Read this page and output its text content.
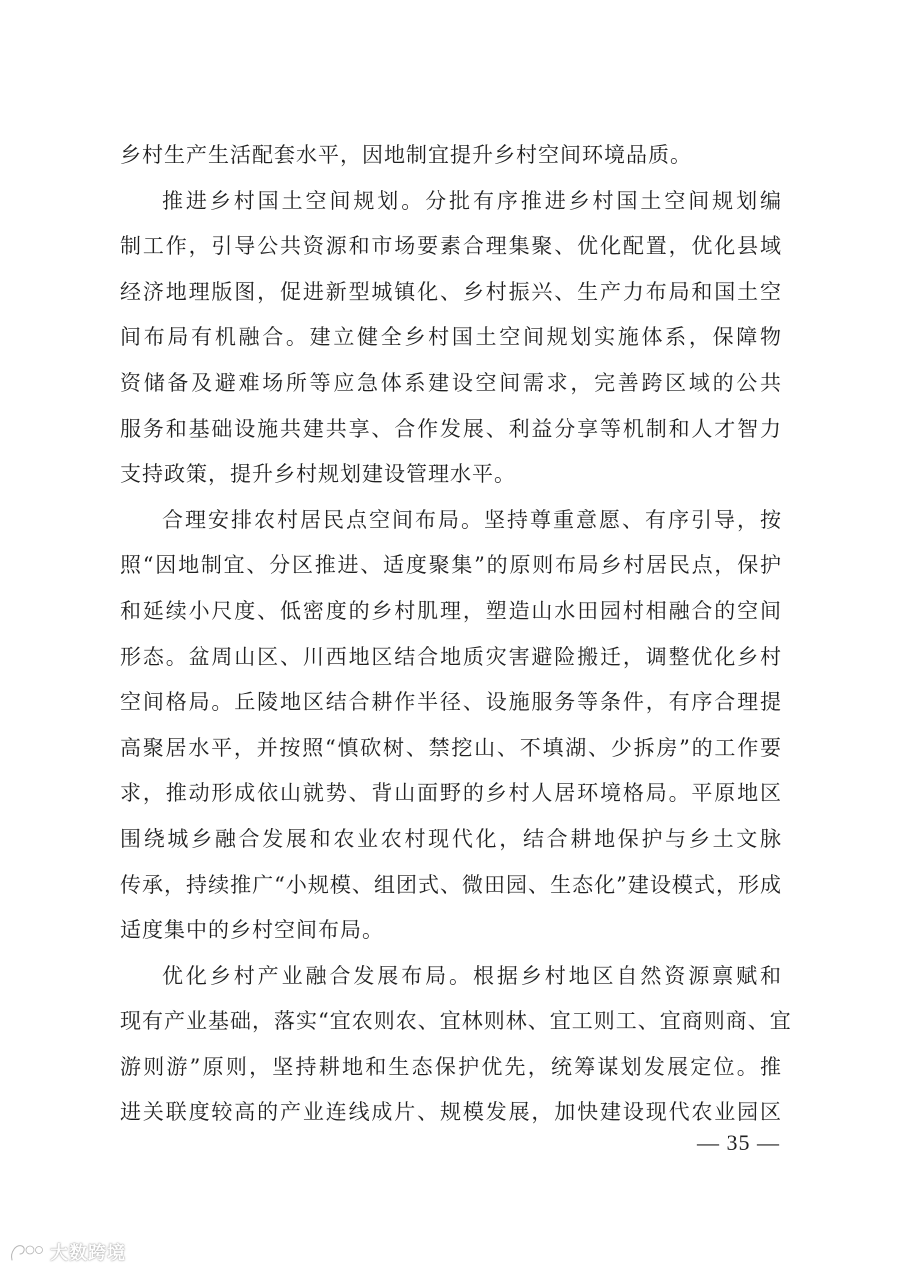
乡村生产生活配套水平，因地制宜提升乡村空间环境品质。
推进乡村国土空间规划。分批有序推进乡村国土空间规划编
制工作，引导公共资源和市场要素合理集聚、优化配置，优化县域
经济地理版图，促进新型城镇化、乡村振兴、生产力布局和国土空
间布局有机融合。建立健全乡村国土空间规划实施体系，保障物
资储备及避难场所等应急体系建设空间需求，完善跨区域的公共
服务和基础设施共建共享、合作发展、利益分享等机制和人才智力
支持政策，提升乡村规划建设管理水平。
合理安排农村居民点空间布局。坚持尊重意愿、有序引导，按
照“因地制宜、分区推进、适度聚集”的原则布局乡村居民点，保护
和延续小尺度、低密度的乡村肌理，塑造山水田园村相融合的空间
形态。盆周山区、川西地区结合地质灾害避险搬迁，调整优化乡村
空间格局。丘陵地区结合耕作半径、设施服务等条件，有序合理提
高聚居水平，并按照“慎砍树、禁挖山、不填湖、少拆房”的工作要
求，推动形成依山就势、背山面野的乡村人居环境格局。平原地区
围绕城乡融合发展和农业农村现代化，结合耕地保护与乡土文脉
传承，持续推广“小规模、组团式、微田园、生态化”建设模式，形成
适度集中的乡村空间布局。
优化乡村产业融合发展布局。根据乡村地区自然资源禀赋和
现有产业基础，落实“宜农则农、宜林则林、宜工则工、宜商则商、宜
游则游”原则，坚持耕地和生态保护优先，统筹谋划发展定位。推
进关联度较高的产业连线成片、规模发展，加快建设现代农业园区
— 35 —
大数跨境
